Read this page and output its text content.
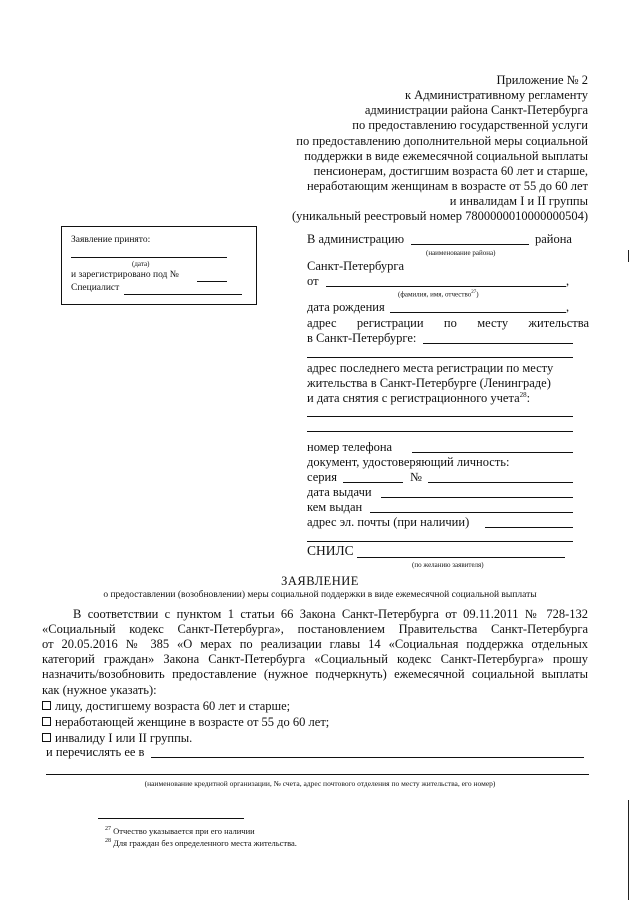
Приложение № 2
к Административному регламенту
администрации района Санкт-Петербурга
по предоставлению государственной услуги
по предоставлению дополнительной меры социальной
поддержки в виде ежемесячной социальной выплаты
пенсионерам, достигшим возраста 60 лет и старше,
неработающим женщинам в возрасте от 55 до 60 лет
и инвалидам I и II группы
(уникальный реестровый номер 7800000010000000504)
Заявление принято:
(дата)
и зарегистрировано под №
Специалист
В администрацию	района
(наименование района)
Санкт-Петербурга
от	,
(фамилия, имя, отчество$^{27}$)
дата рождения	,
адрес регистрации по месту жительства
в Санкт-Петербурге:
адрес последнего места регистрации по месту
жительства в Санкт-Петербурге (Ленинграде)
и дата снятия с регистрационного учета$^{28}$:
номер телефона
документ, удостоверяющий личность:
серия	№
дата выдачи
кем выдан
адрес эл. почты (при наличии)
СНИЛС
(по желанию заявителя)
ЗАЯВЛЕНИЕ
о предоставлении (возобновлении) меры социальной поддержки в виде ежемесячной социальной выплаты
В соответствии с пунктом 1 статьи 66 Закона Санкт-Петербурга от 09.11.2011 № 728-132
«Социальный кодекс Санкт-Петербурга», постановлением Правительства Санкт-Петербурга
от 20.05.2016 № 385 «О мерах по реализации главы 14 «Социальная поддержка отдельных
категорий граждан» Закона Санкт-Петербурга «Социальный кодекс Санкт-Петербурга» прошу
назначить/возобновить предоставление (нужное подчеркнуть) ежемесячной социальной выплаты
как (нужное указать):
лицу, достигшему возраста 60 лет и старше;
неработающей женщине в возрасте от 55 до 60 лет;
инвалиду I или II группы.
и перечислять ее в
(наименование кредитной организации, № счета, адрес почтового отделения по месту жительства, его номер)
$^{27}$ Отчество указывается при его наличии
$^{28}$ Для граждан без определенного места жительства.
